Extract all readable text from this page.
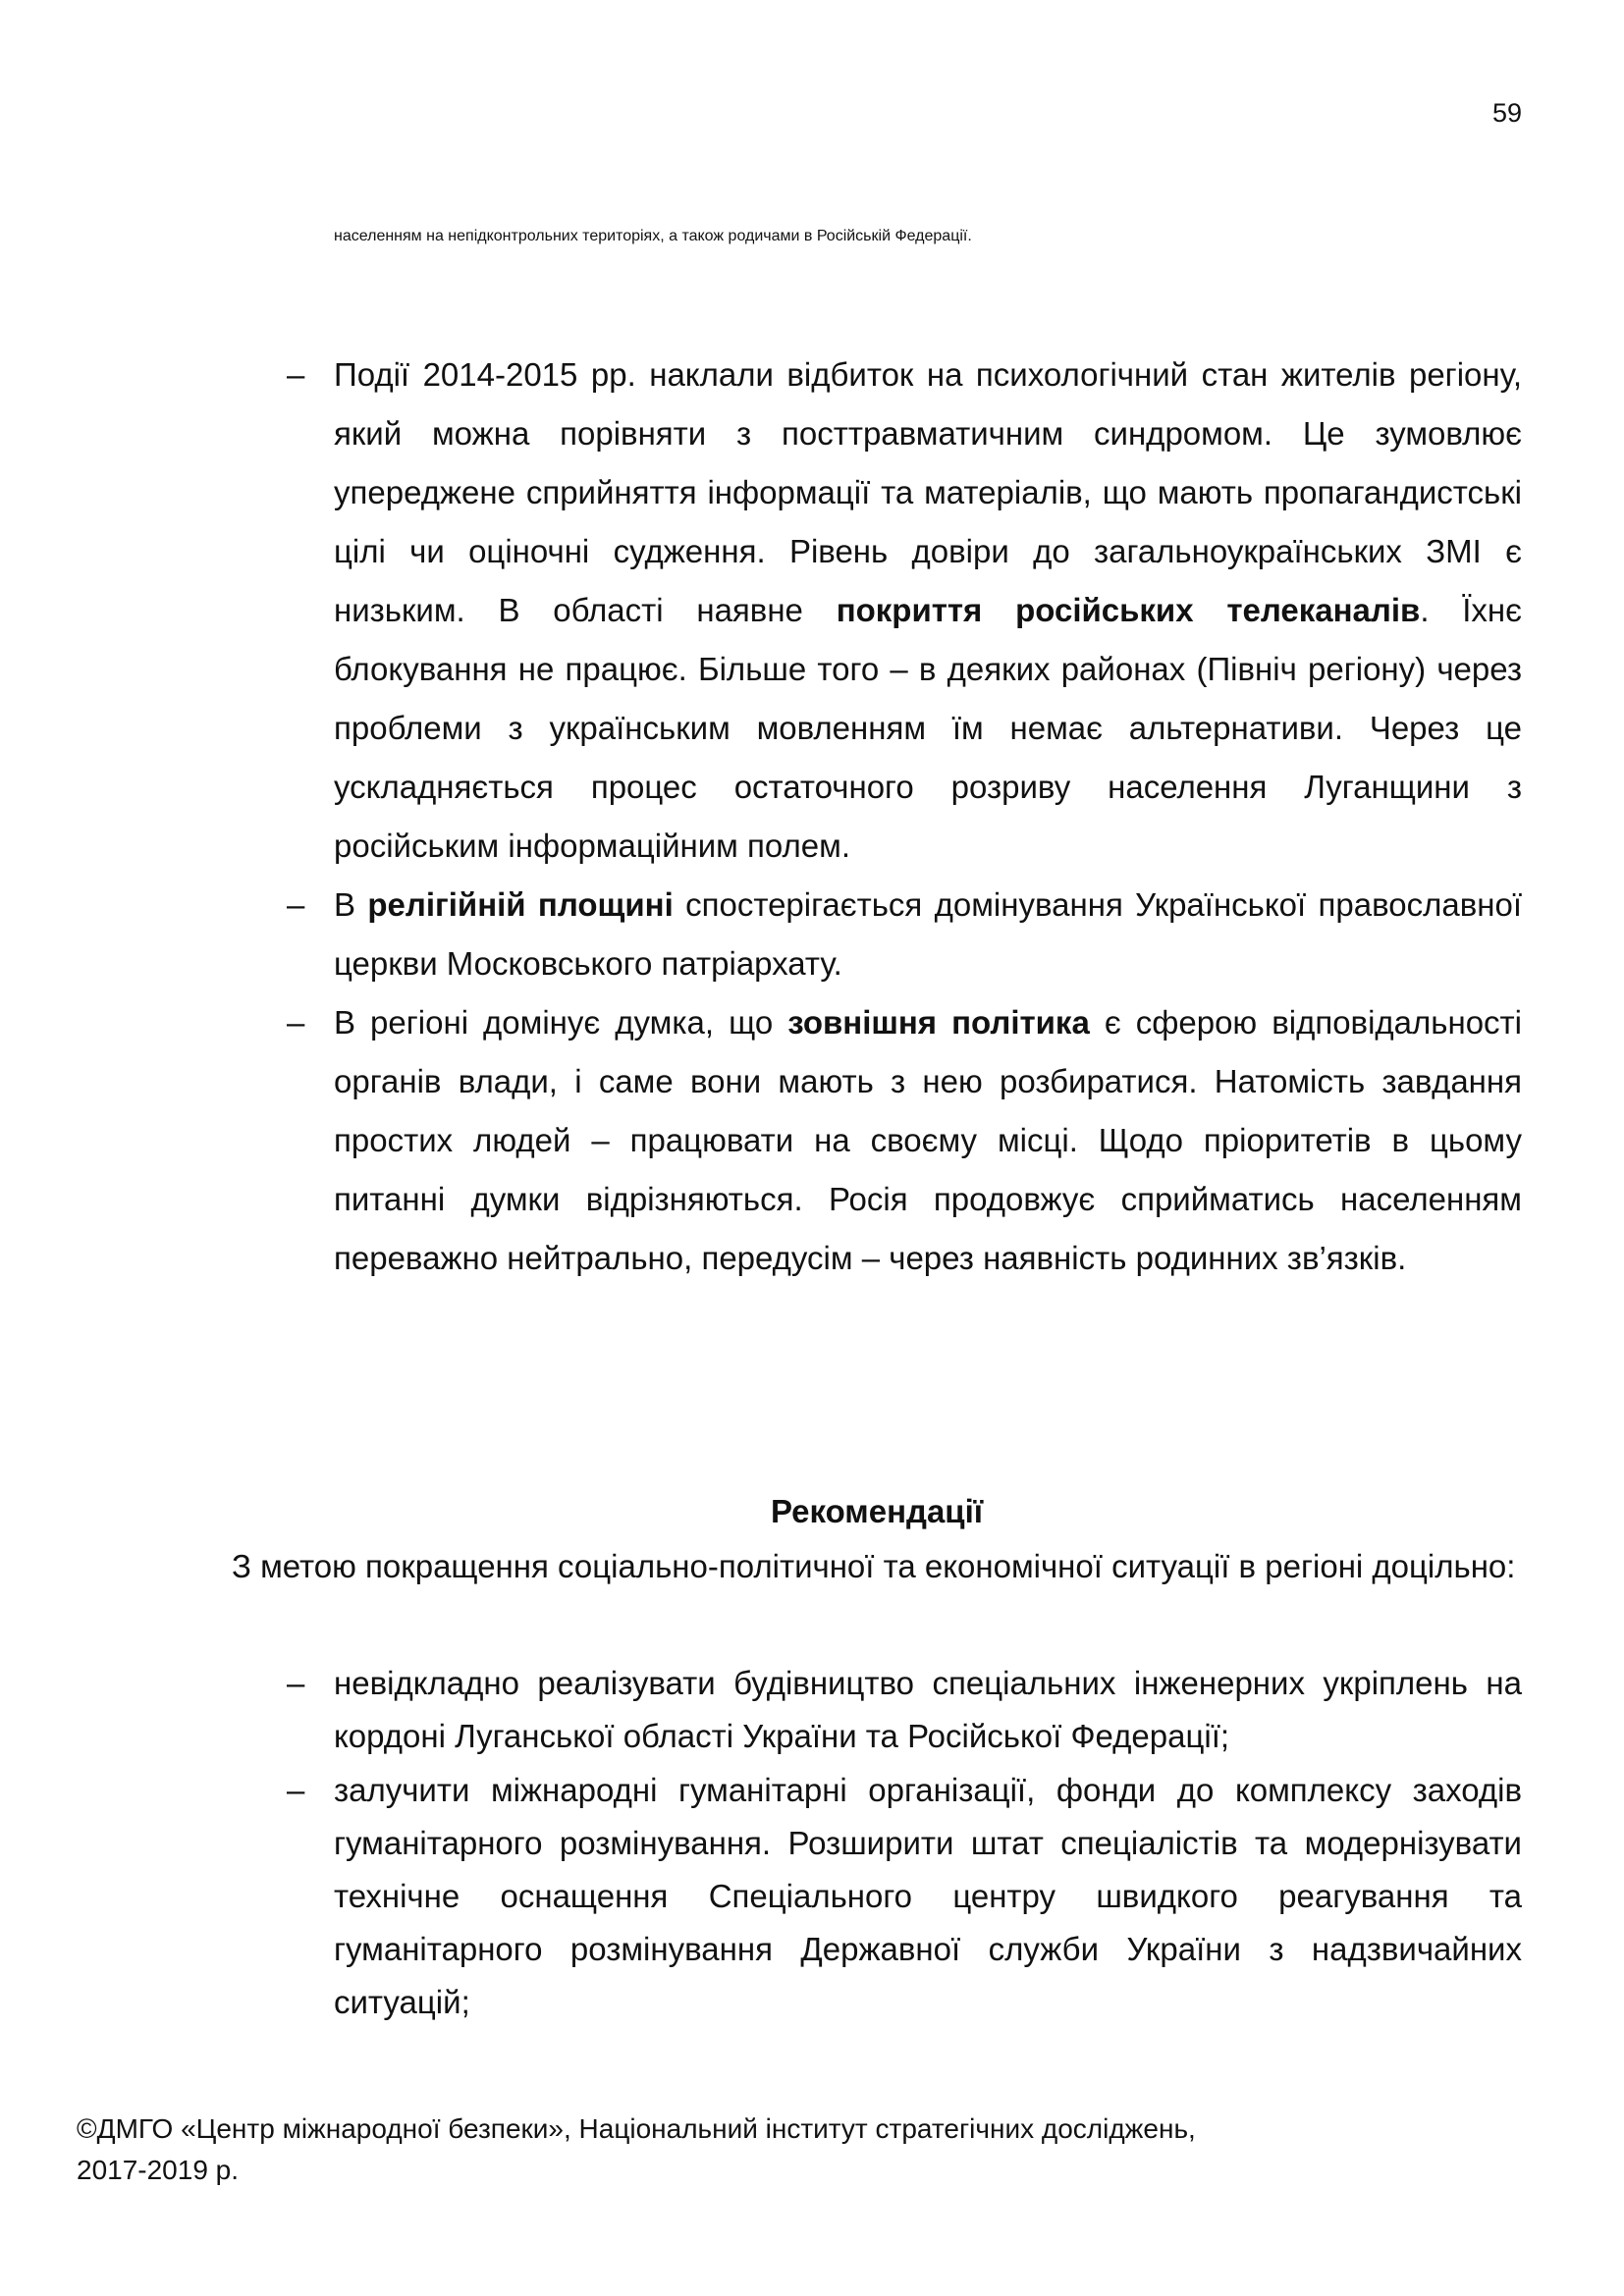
59

населенням на непідконтрольних територіях, а також родичами в Російській Федерації.

– Події 2014-2015 рр. наклали відбиток на психологічний стан жителів регіону, який можна порівняти з посттравматичним синдромом. Це зумовлює упереджене сприйняття інформації та матеріалів, що мають пропагандистські цілі чи оціночні судження. Рівень довіри до загальноукраїнських ЗМІ є низьким. В області наявне покриття російських телеканалів. Їхнє блокування не працює. Більше того – в деяких районах (Північ регіону) через проблеми з українським мовленням їм немає альтернативи. Через це ускладняється процес остаточного розриву населення Луганщини з російським інформаційним полем.
– В релігійній площині спостерігається домінування Української православної церкви Московського патріархату.
– В регіоні домінує думка, що зовнішня політика є сферою відповідальності органів влади, і саме вони мають з нею розбиратися. Натомість завдання простих людей – працювати на своєму місці. Щодо пріоритетів в цьому питанні думки відрізняються. Росія продовжує сприйматись населенням переважно нейтрально, передусім – через наявність родинних зв’язків.
Рекомендації

З метою покращення соціально-політичної та економічної ситуації в регіоні доцільно:

– невідкладно реалізувати будівництво спеціальних інженерних укріплень на кордоні Луганської області України та Російської Федерації;
– залучити міжнародні гуманітарні організації, фонди до комплексу заходів гуманітарного розмінування. Розширити штат спеціалістів та модернізувати технічне оснащення Спеціального центру швидкого реагування та гуманітарного розмінування Державної служби України з надзвичайних ситуацій;
©ДМГО «Центр міжнародної безпеки», Національний інститут стратегічних досліджень,
2017-2019 р.
